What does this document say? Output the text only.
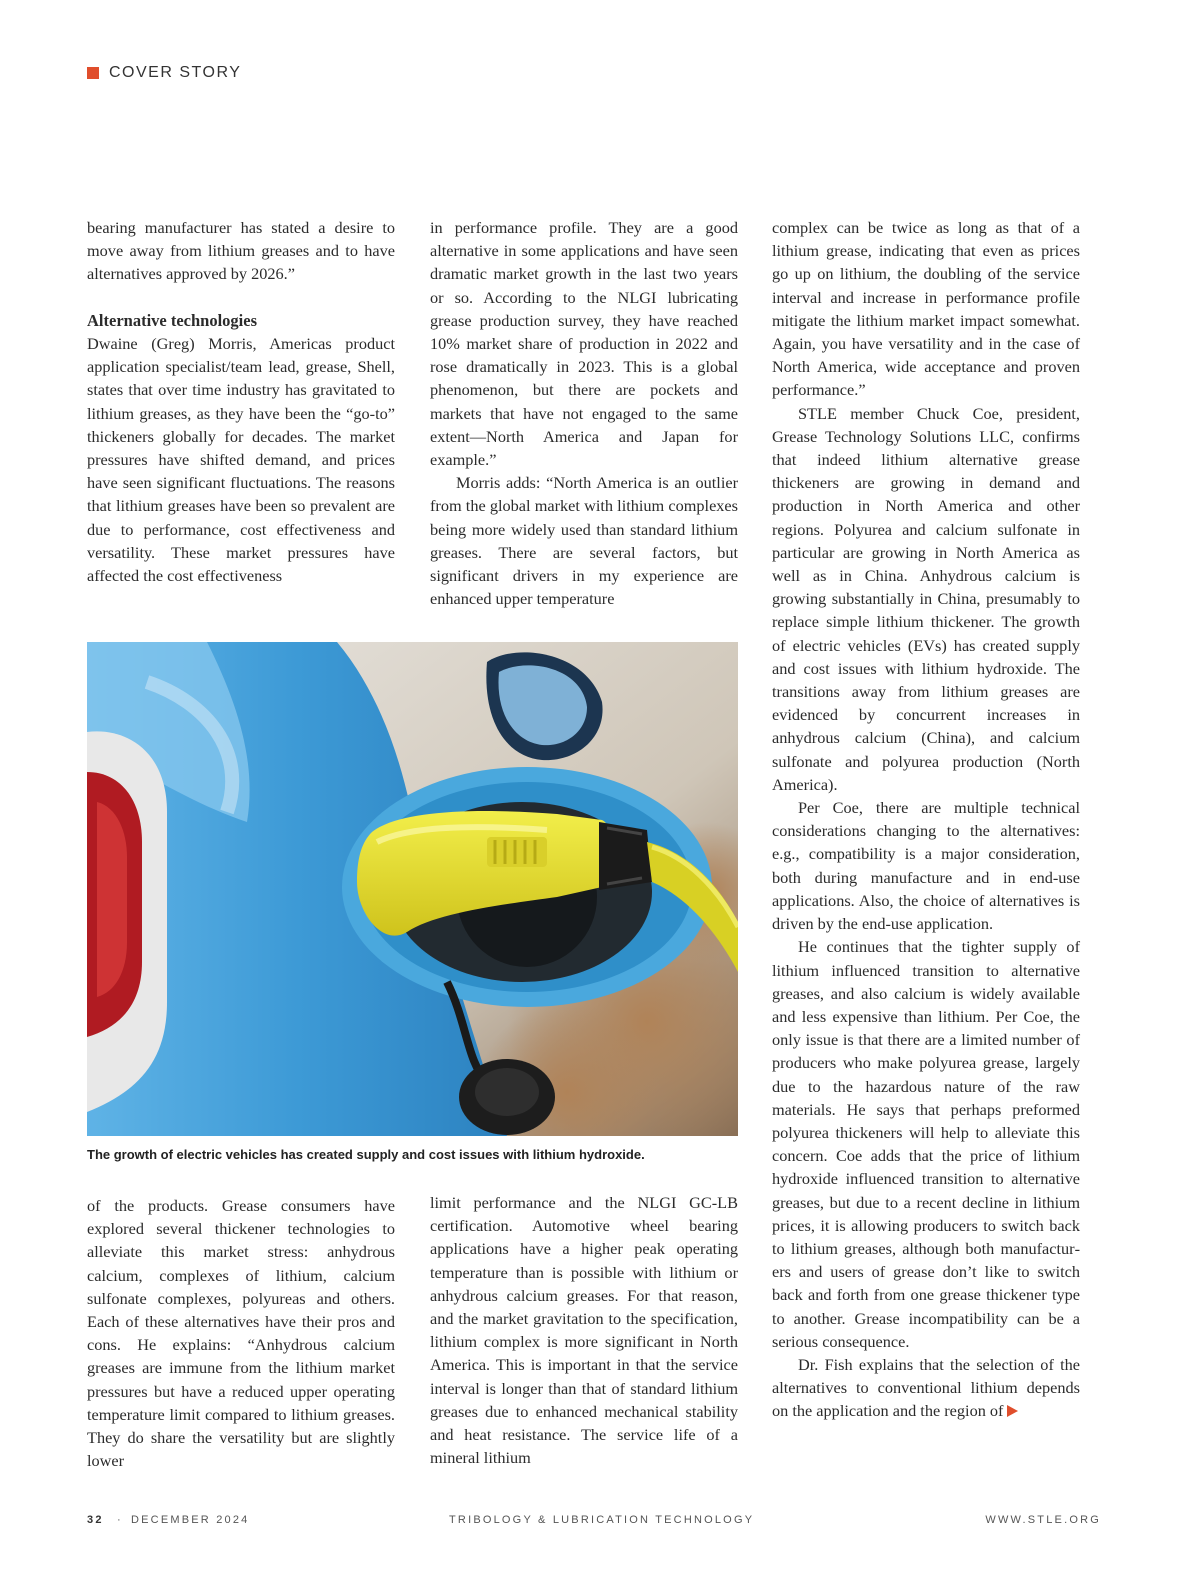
COVER STORY

bearing manufacturer has stated a desire to move away from lithium greases and to have alternatives approved by 2026.”

Alternative technologies

Dwaine (Greg) Morris, Americas product application specialist/team lead, grease, Shell, states that over time industry has gravitated to lithium greases, as they have been the “go-to” thickeners globally for decades. The market pressures have shifted demand, and prices have seen significant fluctuations. The reasons that lithium greases have been so prevalent are due to performance, cost effectiveness and versatility. These market pressures have affected the cost effectiveness

in performance profile. They are a good alternative in some applications and have seen dramatic market growth in the last two years or so. According to the NLGI lubricating grease production survey, they have reached 10% market share of production in 2022 and rose dramatically in 2023. This is a global phenomenon, but there are pockets and markets that have not engaged to the same extent—North America and Japan for example.”

Morris adds: “North America is an outlier from the global market with lithium complexes being more widely used than standard lithium greases. There are several factors, but significant drivers in my experience are enhanced upper temperature

complex can be twice as long as that of a lithium grease, indicating that even as prices go up on lithium, the doubling of the service interval and increase in performance profile mitigate the lithium market impact somewhat. Again, you have versatility and in the case of North America, wide acceptance and proven performance.”

STLE member Chuck Coe, president, Grease Technology Solutions LLC, confirms that indeed lithium alternative grease thickeners are growing in demand and production in North America and other regions. Polyurea and calcium sulfonate in particular are growing in North America as well as in China. Anhydrous calcium is growing substantially in China, presumably to replace simple lithium thickener. The growth of electric vehicles (EVs) has created supply and cost issues with lithium hydroxide. The transitions away from lithium greases are evidenced by concurrent increases in anhydrous calcium (China), and calcium sulfonate and polyurea production (North America).

Per Coe, there are multiple technical considerations changing to the alternatives: e.g., compatibility is a major consideration, both during manufacture and in end-use applications. Also, the choice of alternatives is driven by the end-use application.

He continues that the tighter supply of lithium influenced transition to alternative greases, and also calcium is widely available and less expensive than lithium. Per Coe, the only issue is that there are a limited number of producers who make polyurea grease, largely due to the hazardous nature of the raw materials. He says that perhaps preformed polyurea thickeners will help to alleviate this concern. Coe adds that the price of lithium hydroxide influenced transition to alternative greases, but due to a recent decline in lithium prices, it is allowing producers to switch back to lithium greases, although both manufacturers and users of grease don’t like to switch back and forth from one grease thickener type to another. Grease incompatibility can be a serious consequence.

Dr. Fish explains that the selection of the alternatives to conventional lithium depends on the application and the region of

The growth of electric vehicles has created supply and cost issues with lithium hydroxide.

of the products. Grease consumers have explored several thickener technologies to alleviate this market stress: anhydrous calcium, complexes of lithium, calcium sulfonate complexes, polyureas and others. Each of these alternatives have their pros and cons. He explains: “Anhydrous calcium greases are immune from the lithium market pressures but have a reduced upper operating temperature limit compared to lithium greases. They do share the versatility but are slightly lower

limit performance and the NLGI GC-LB certification. Automotive wheel bearing applications have a higher peak operating temperature than is possible with lithium or anhydrous calcium greases. For that reason, and the market gravitation to the specification, lithium complex is more significant in North America. This is important in that the service interval is longer than that of standard lithium greases due to enhanced mechanical stability and heat resistance. The service life of a mineral lithium

32 · DECEMBER 2024	TRIBOLOGY & LUBRICATION TECHNOLOGY	WWW.STLE.ORG
